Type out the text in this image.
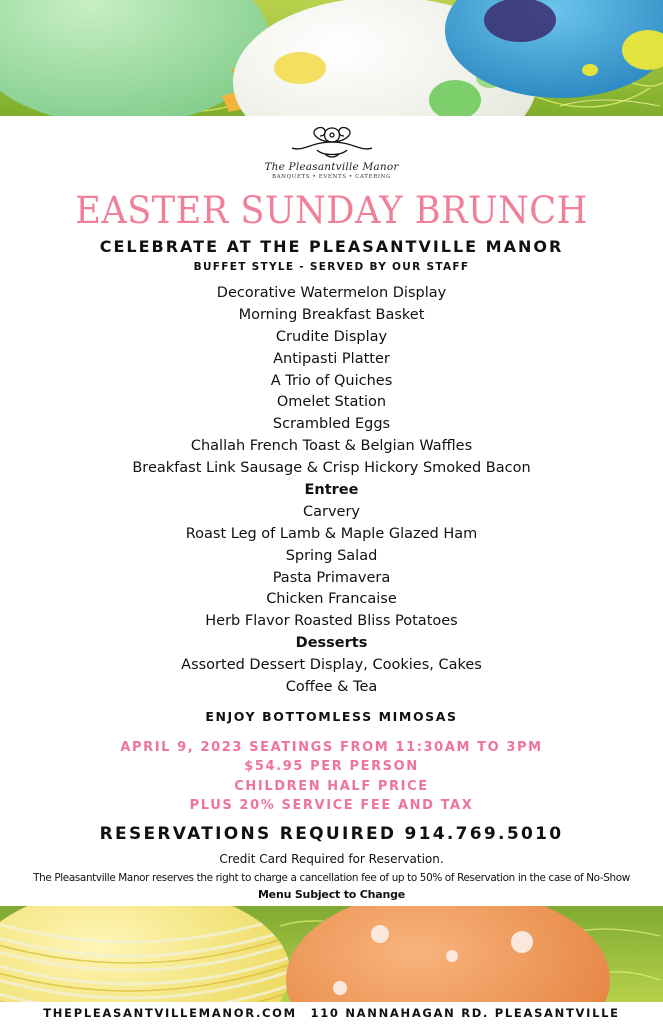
The Pleasantville Manor
BANQUETS • EVENTS • CATERING
EASTER SUNDAY BRUNCH
CELEBRATE AT THE PLEASANTVILLE MANOR
BUFFET STYLE - SERVED BY OUR STAFF
Decorative Watermelon Display
Morning Breakfast Basket
Crudite Display
Antipasti Platter
A Trio of Quiches
Omelet Station
Scrambled Eggs
Challah French Toast & Belgian Waffles
Breakfast Link Sausage & Crisp Hickory Smoked Bacon
Entree
Carvery
Roast Leg of Lamb & Maple Glazed Ham
Spring Salad
Pasta Primavera
Chicken Francaise
Herb Flavor Roasted Bliss Potatoes
Desserts
Assorted Dessert Display, Cookies, Cakes
Coffee & Tea
ENJOY BOTTOMLESS MIMOSAS
APRIL 9, 2023 SEATINGS FROM 11:30AM TO 3PM
$54.95 PER PERSON
CHILDREN HALF PRICE
PLUS 20% SERVICE FEE AND TAX
RESERVATIONS REQUIRED 914.769.5010
Credit Card Required for Reservation.
The Pleasantville Manor reserves the right to charge a cancellation fee of up to 50% of Reservation in the case of No-Show
Menu Subject to Change
THEPLEASANTVILLEMANOR.COM 110 NANNAHAGAN RD. PLEASANTVILLE
